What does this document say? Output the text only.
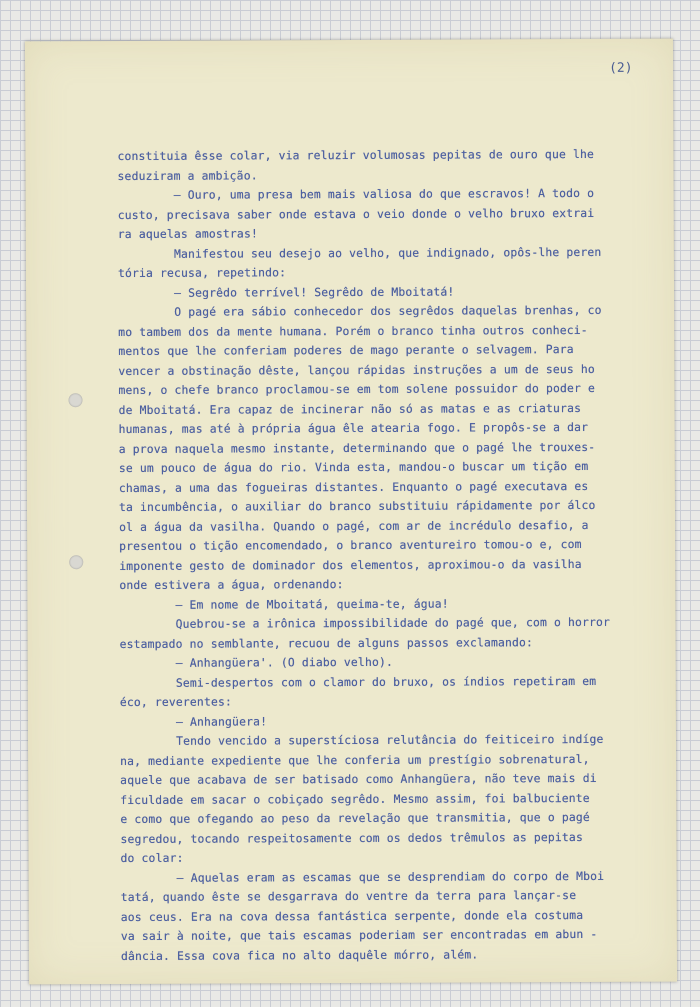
(2)
constituia êsse colar, via reluzir volumosas pepitas de ouro que lhe
seduziram a ambição.
— Ouro, uma presa bem mais valiosa do que escravos! A todo o
custo, precisava saber onde estava o veio donde o velho bruxo extrai
ra aquelas amostras!
Manifestou seu desejo ao velho, que indignado, opôs-lhe peren
tória recusa, repetindo:
— Segrêdo terrível! Segrêdo de Mboitatá!
O pagé era sábio conhecedor dos segrêdos daquelas brenhas, co
mo tambem dos da mente humana. Porém o branco tinha outros conheci-
mentos que lhe conferiam poderes de mago perante o selvagem. Para
vencer a obstinação dêste, lançou rápidas instruções a um de seus ho
mens, o chefe branco proclamou-se em tom solene possuidor do poder e
de Mboitatá. Era capaz de incinerar não só as matas e as criaturas
humanas, mas até à própria água êle atearia fogo. E propôs-se a dar
a prova naquela mesmo instante, determinando que o pagé lhe trouxes-
se um pouco de água do rio. Vinda esta, mandou-o buscar um tição em
chamas, a uma das fogueiras distantes. Enquanto o pagé executava es
ta incumbência, o auxiliar do branco substituiu rápidamente por álco
ol a água da vasilha. Quando o pagé, com ar de incrédulo desafio, a
presentou o tição encomendado, o branco aventureiro tomou-o e, com
imponente gesto de dominador dos elementos, aproximou-o da vasilha
onde estivera a água, ordenando:
— Em nome de Mboitatá, queima-te, água!
Quebrou-se a irônica impossibilidade do pagé que, com o horror
estampado no semblante, recuou de alguns passos exclamando:
— Anhangüera'. (O diabo velho).
Semi-despertos com o clamor do bruxo, os índios repetiram em
éco, reverentes:
— Anhangüera!
Tendo vencido a superstíciosa relutância do feiticeiro indíge
na, mediante expediente que lhe conferia um prestígio sobrenatural,
aquele que acabava de ser batisado como Anhangüera, não teve mais di
ficuldade em sacar o cobiçado segrêdo. Mesmo assim, foi balbuciente
e como que ofegando ao peso da revelação que transmitia, que o pagé
segredou, tocando respeitosamente com os dedos trêmulos as pepitas
do colar:
— Aquelas eram as escamas que se desprendiam do corpo de Mboi
tatá, quando êste se desgarrava do ventre da terra para lançar-se
aos ceus. Era na cova dessa fantástica serpente, donde ela costuma
va sair à noite, que tais escamas poderiam ser encontradas em abun -
dância. Essa cova fica no alto daquêle mórro, além.
